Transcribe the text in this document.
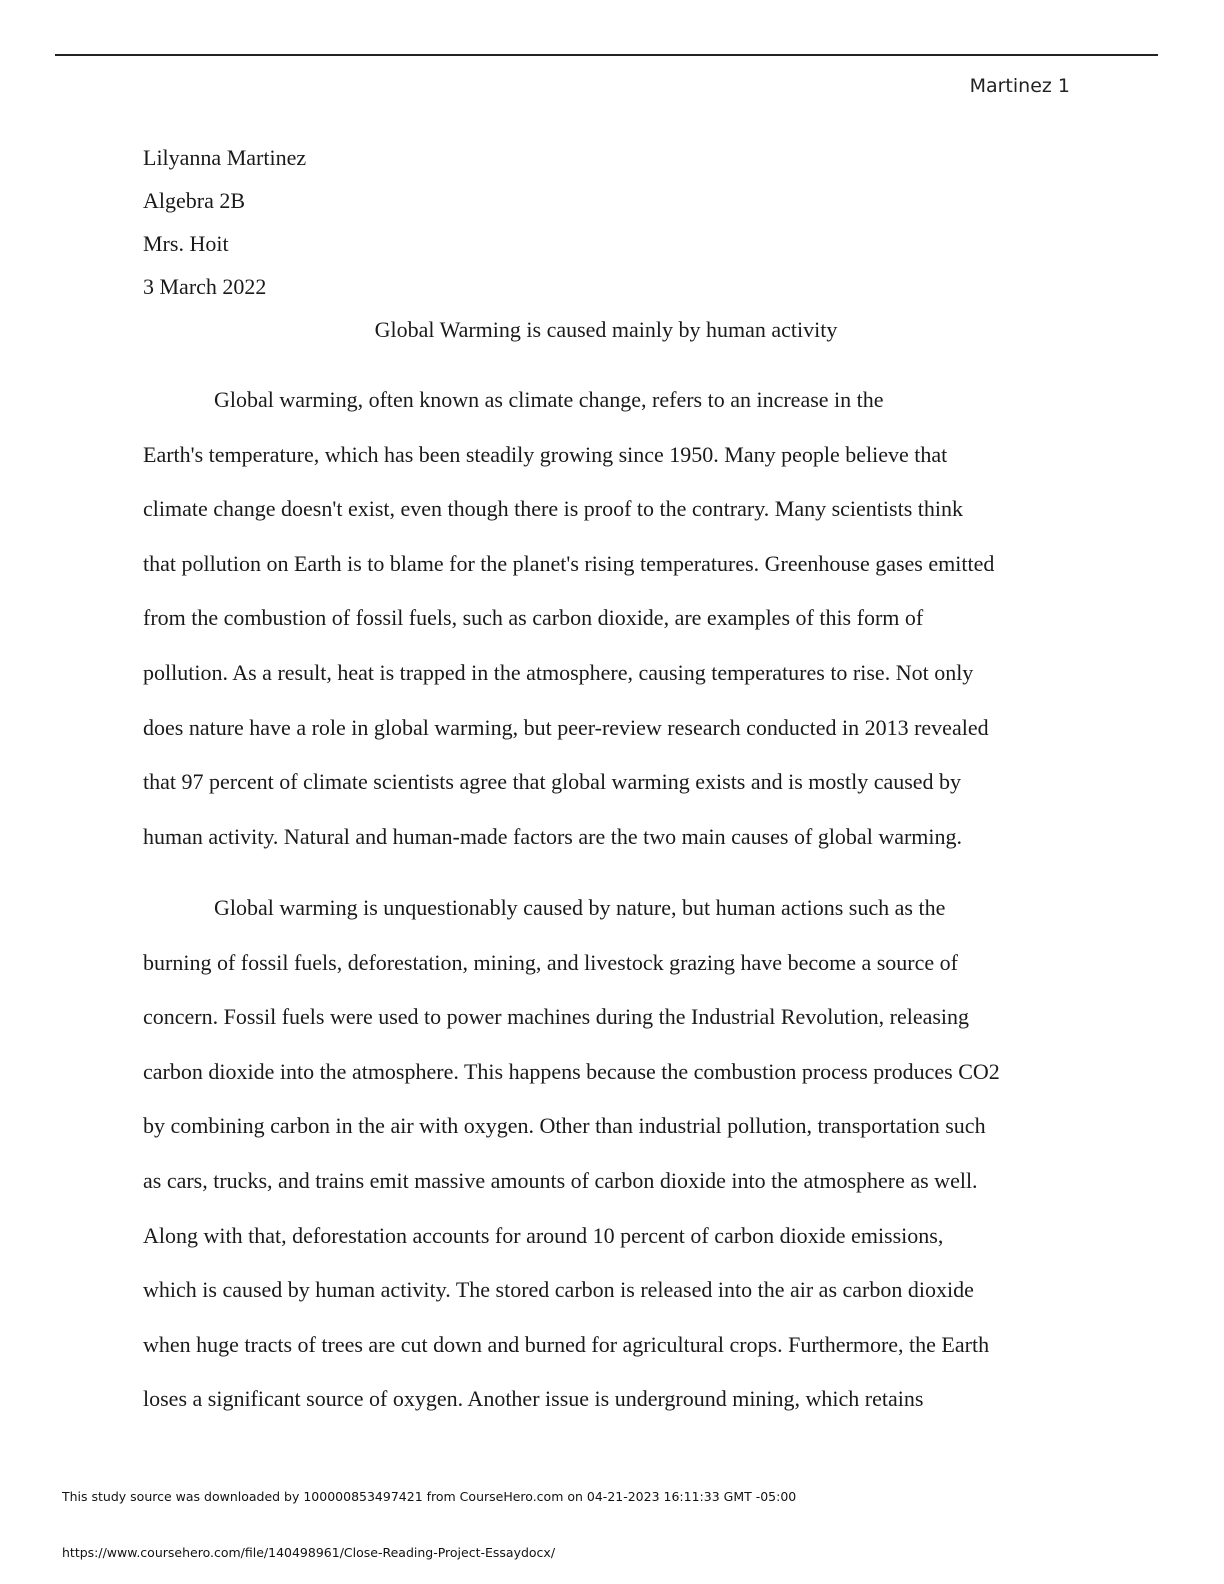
Martinez 1
Lilyanna Martinez
Algebra 2B
Mrs. Hoit
3 March 2022
Global Warming is caused mainly by human activity
Global warming, often known as climate change, refers to an increase in the
Earth's temperature, which has been steadily growing since 1950. Many people believe that
climate change doesn't exist, even though there is proof to the contrary. Many scientists think
that pollution on Earth is to blame for the planet's rising temperatures. Greenhouse gases emitted
from the combustion of fossil fuels, such as carbon dioxide, are examples of this form of
pollution. As a result, heat is trapped in the atmosphere, causing temperatures to rise. Not only
does nature have a role in global warming, but peer-review research conducted in 2013 revealed
that 97 percent of climate scientists agree that global warming exists and is mostly caused by
human activity. Natural and human-made factors are the two main causes of global warming.
Global warming is unquestionably caused by nature, but human actions such as the
burning of fossil fuels, deforestation, mining, and livestock grazing have become a source of
concern. Fossil fuels were used to power machines during the Industrial Revolution, releasing
carbon dioxide into the atmosphere. This happens because the combustion process produces CO2
by combining carbon in the air with oxygen. Other than industrial pollution, transportation such
as cars, trucks, and trains emit massive amounts of carbon dioxide into the atmosphere as well.
Along with that, deforestation accounts for around 10 percent of carbon dioxide emissions,
which is caused by human activity. The stored carbon is released into the air as carbon dioxide
when huge tracts of trees are cut down and burned for agricultural crops. Furthermore, the Earth
loses a significant source of oxygen. Another issue is underground mining, which retains
This study source was downloaded by 100000853497421 from CourseHero.com on 04-21-2023 16:11:33 GMT -05:00
https://www.coursehero.com/file/140498961/Close-Reading-Project-Essaydocx/
